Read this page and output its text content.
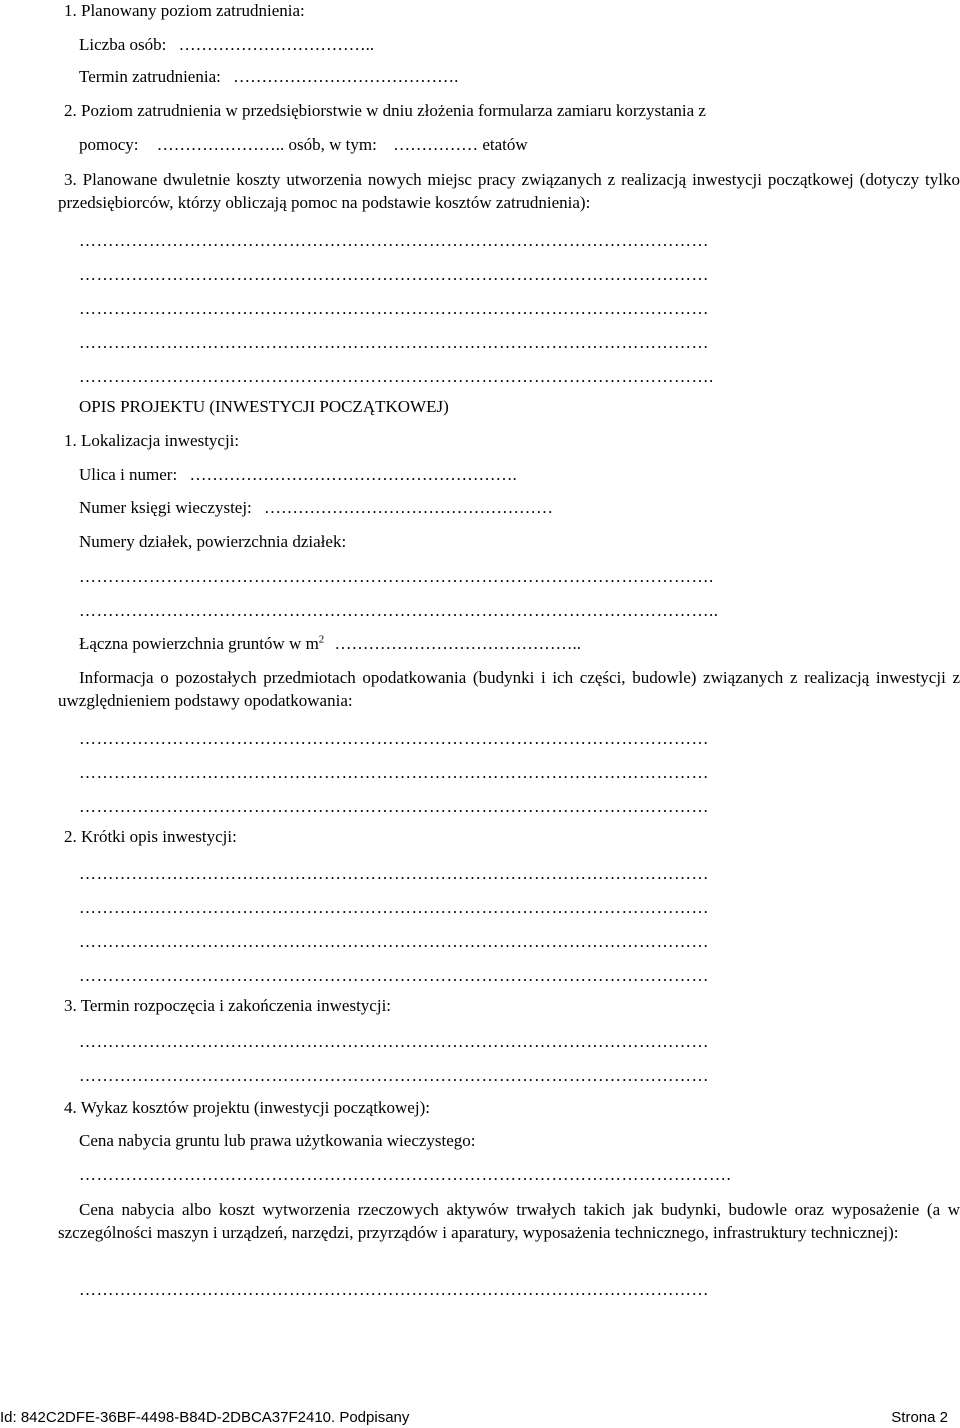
1. Planowany poziom zatrudnienia:
Liczba osób: ……………………………..
Termin zatrudnienia: ………………………………….
2. Poziom zatrudnienia w przedsiębiorstwie w dniu złożenia formularza zamiaru korzystania z
pomocy: ………………….. osób, w tym: …………… etatów
3. Planowane dwuletnie koszty utworzenia nowych miejsc pracy związanych z realizacją inwestycji początkowej (dotyczy tylko przedsiębiorców, którzy obliczają pomoc na podstawie kosztów zatrudnienia):
………………………………………………………………………………………………
………………………………………………………………………………………………
………………………………………………………………………………………………
………………………………………………………………………………………………
……………………………………………………………………………………………….
OPIS PROJEKTU (INWESTYCJI POCZĄTKOWEJ)
1. Lokalizacja inwestycji:
Ulica i numer: ………………………………………………….
Numer księgi wieczystej: ……………………………………………
Numery działek, powierzchnia działek:
……………………………………………………………………………………………….
………………………………………………………………………………………………..
Łączna powierzchnia gruntów w $m^2$ ……………………………………..
Informacja o pozostałych przedmiotach opodatkowania (budynki i ich części, budowle) związanych z realizacją inwestycji z uwzględnieniem podstawy opodatkowania:
………………………………………………………………………………………………
………………………………………………………………………………………………
………………………………………………………………………………………………
2. Krótki opis inwestycji:
………………………………………………………………………………………………
………………………………………………………………………………………………
………………………………………………………………………………………………
………………………………………………………………………………………………
3. Termin rozpoczęcia i zakończenia inwestycji:
………………………………………………………………………………………………
………………………………………………………………………………………………
4. Wykaz kosztów projektu (inwestycji początkowej):
Cena nabycia gruntu lub prawa użytkowania wieczystego:
………………………………………………………………………………………………….
Cena nabycia albo koszt wytworzenia rzeczowych aktywów trwałych takich jak budynki, budowle oraz wyposażenie (a w szczególności maszyn i urządzeń, narzędzi, przyrządów i aparatury, wyposażenia technicznego, infrastruktury technicznej):
………………………………………………………………………………………………
Id: 842C2DFE-36BF-4498-B84D-2DBCA37F2410. Podpisany	Strona 2
